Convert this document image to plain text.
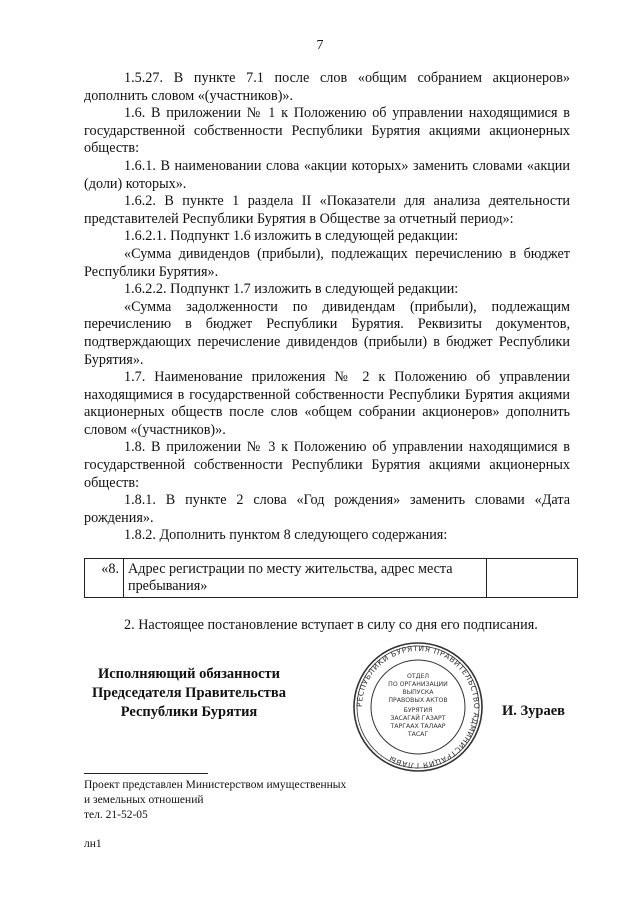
7

1.5.27. В пункте 7.1 после слов «общим собранием акционеров» дополнить словом «(участников)».

1.6. В приложении № 1 к Положению об управлении находящимися в государственной собственности Республики Бурятия акциями акционерных обществ:

1.6.1. В наименовании слова «акции которых» заменить словами «акции (доли) которых».

1.6.2. В пункте 1 раздела II «Показатели для анализа деятельности представителей Республики Бурятия в Обществе за отчетный период»:

1.6.2.1. Подпункт 1.6 изложить в следующей редакции:

«Сумма дивидендов (прибыли), подлежащих перечислению в бюджет Республики Бурятия».

1.6.2.2. Подпункт 1.7 изложить в следующей редакции:

«Сумма задолженности по дивидендам (прибыли), подлежащим перечислению в бюджет Республики Бурятия. Реквизиты документов, подтверждающих перечисление дивидендов (прибыли) в бюджет Республики Бурятия».

1.7. Наименование приложения № 2 к Положению об управлении находящимися в государственной собственности Республики Бурятия акциями акционерных обществ после слов «общем собрании акционеров» дополнить словом «(участников)».

1.8. В приложении № 3 к Положению об управлении находящимися в государственной собственности Республики Бурятия акциями акционерных обществ:

1.8.1. В пункте 2 слова «Год рождения» заменить словами «Дата рождения».

1.8.2. Дополнить пунктом 8 следующего содержания:

«8.	Адрес регистрации по месту жительства, адрес места пребывания»	
2. Настоящее постановление вступает в силу со дня его подписания.
Исполняющий обязанности
Председателя Правительства
Республики Бурятия	РЕСПУБЛИКИ БУРЯТИЯ ПРАВИТЕЛЬСТВО АДМИНИСТРАЦИЯ ГЛАВЫ
ОТДЕЛ
ПО ОРГАНИЗАЦИИ
ВЫПУСКА
ПРАВОВЫХ АКТОВ
БУРЯТИЯ
ЗАСАГАЙ ГАЗАРТ
ТАРГААХ ТАЛААР
ТАСАГ
И. Зураев
Проект представлен Министерством имущественных
и земельных отношений
тел. 21-52-05
лн1
